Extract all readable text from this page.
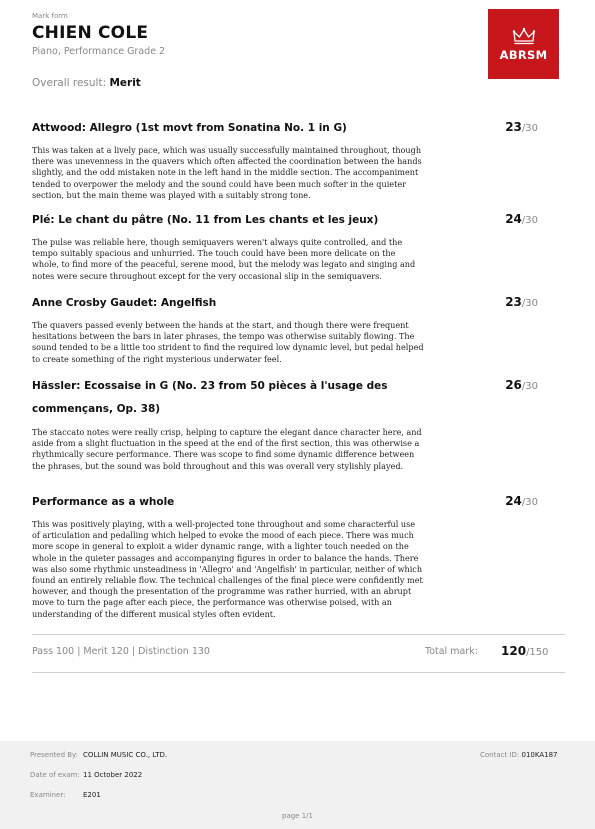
Mark form
CHIEN COLE
Piano, Performance Grade 2
Overall result: Merit
ABRSM
Attwood: Allegro (1st movt from Sonatina No. 1 in G)	23/30
This was taken at a lively pace, which was usually successfully maintained throughout, though there was unevenness in the quavers which often affected the coordination between the hands slightly, and the odd mistaken note in the left hand in the middle section. The accompaniment tended to overpower the melody and the sound could have been much softer in the quieter section, but the main theme was played with a suitably strong tone.
Plé: Le chant du pâtre (No. 11 from Les chants et les jeux)	24/30
The pulse was reliable here, though semiquavers weren't always quite controlled, and the tempo suitably spacious and unhurried. The touch could have been more delicate on the whole, to find more of the peaceful, serene mood, but the melody was legato and singing and notes were secure throughout except for the very occasional slip in the semiquavers.
Anne Crosby Gaudet: Angelfish	23/30
The quavers passed evenly between the hands at the start, and though there were frequent hesitations between the bars in later phrases, the tempo was otherwise suitably flowing. The sound tended to be a little too strident to find the required low dynamic level, but pedal helped to create something of the right mysterious underwater feel.
Hässler: Ecossaise in G (No. 23 from 50 pièces à l'usage des commençans, Op. 38)
26/30
The staccato notes were really crisp, helping to capture the elegant dance character here, and aside from a slight fluctuation in the speed at the end of the first section, this was otherwise a rhythmically secure performance. There was scope to find some dynamic difference between the phrases, but the sound was bold throughout and this was overall very stylishly played.
Performance as a whole	24/30
This was positively playing, with a well-projected tone throughout and some characterful use of articulation and pedalling which helped to evoke the mood of each piece. There was much more scope in general to exploit a wider dynamic range, with a lighter touch needed on the whole in the quieter passages and accompanying figures in order to balance the hands. There was also some rhythmic unsteadiness in 'Allegro' and 'Angelfish' in particular, neither of which found an entirely reliable flow. The technical challenges of the final piece were confidently met however, and though the presentation of the programme was rather hurried, with an abrupt move to turn the page after each piece, the performance was otherwise poised, with an understanding of the different musical styles often evident.
Pass 100 | Merit 120 | Distinction 130	Total mark: 120/150
Presented By: COLLIN MUSIC CO., LTD.
Date of exam: 11 October 2022
Examiner:	E201
Contact ID: 010KA187
page 1/1
